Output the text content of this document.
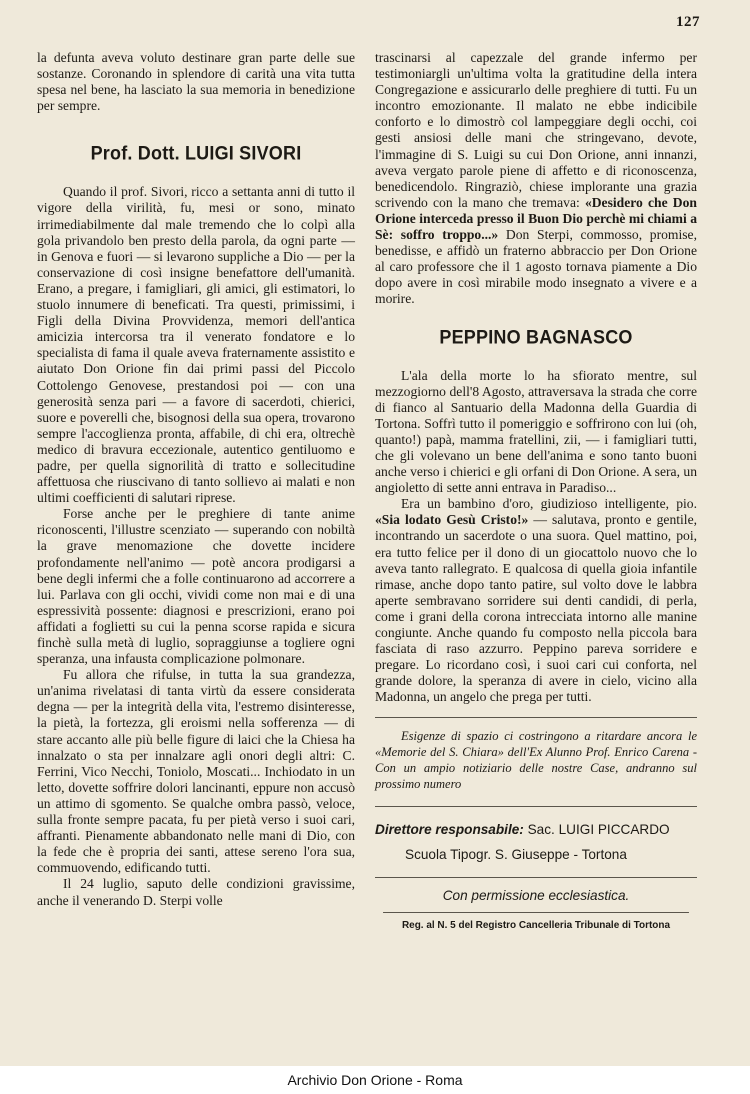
127

la defunta aveva voluto destinare gran parte delle sue sostanze. Coronando in splendore di carità una vita tutta spesa nel bene, ha lasciato la sua memoria in benedizione per sempre.

Prof. Dott. LUIGI SIVORI

Quando il prof. Sivori, ricco a settanta anni di tutto il vigore della virilità, fu, mesi or sono, minato irrimediabilmente dal male tremendo che lo colpì alla gola privandolo ben presto della parola, da ogni parte — in Genova e fuori — si levarono suppliche a Dio — per la conservazione di così insigne benefattore dell'umanità. Erano, a pregare, i famigliari, gli amici, gli estimatori, lo stuolo innumere di beneficati. Tra questi, primissimi, i Figli della Divina Provvidenza, memori dell'antica amicizia intercorsa tra il venerato fondatore e lo specialista di fama il quale aveva fraternamente assistito e aiutato Don Orione fin dai primi passi del Piccolo Cottolengo Genovese, prestandosi poi — con una generosità senza pari — a favore di sacerdoti, chierici, suore e poverelli che, bisognosi della sua opera, trovarono sempre l'accoglienza pronta, affabile, di chi era, oltrechè medico di bravura eccezionale, autentico gentiluomo e padre, per quella signorilità di tratto e sollecitudine affettuosa che riuscivano di tanto sollievo ai malati e non ultimi coefficienti di salutari riprese.

Forse anche per le preghiere di tante anime riconoscenti, l'illustre scenziato — superando con nobiltà la grave menomazione che dovette incidere profondamente nell'animo — potè ancora prodigarsi a bene degli infermi che a folle continuarono ad accorrere a lui. Parlava con gli occhi, vividi come non mai e di una espressività possente: diagnosi e prescrizioni, erano poi affidati a foglietti su cui la penna scorse rapida e sicura finchè sulla metà di luglio, sopraggiunse a togliere ogni speranza, una infausta complicazione polmonare.

Fu allora che rifulse, in tutta la sua grandezza, un'anima rivelatasi di tanta virtù da essere considerata degna — per la integrità della vita, l'estremo disinteresse, la pietà, la fortezza, gli eroismi nella sofferenza — di stare accanto alle più belle figure di laici che la Chiesa ha innalzato o sta per innalzare agli onori degli altri: C. Ferrini, Vico Necchi, Toniolo, Moscati... Inchiodato in un letto, dovette soffrire dolori lancinanti, eppure non accusò un attimo di sgomento. Se qualche ombra passò, veloce, sulla fronte sempre pacata, fu per pietà verso i suoi cari, affranti. Pienamente abbandonato nelle mani di Dio, con la fede che è propria dei santi, attese sereno l'ora sua, commuovendo, edificando tutti.

Il 24 luglio, saputo delle condizioni gravissime, anche il venerando D. Sterpi volle

trascinarsi al capezzale del grande infermo per testimoniargli un'ultima volta la gratitudine della intera Congregazione e assicurarlo delle preghiere di tutti. Fu un incontro emozionante. Il malato ne ebbe indicibile conforto e lo dimostrò col lampeggiare degli occhi, coi gesti ansiosi delle mani che stringevano, devote, l'immagine di S. Luigi su cui Don Orione, anni innanzi, aveva vergato parole piene di affetto e di riconoscenza, benedicendolo. Ringraziò, chiese implorante una grazia scrivendo con la mano che tremava: «Desidero che Don Orione interceda presso il Buon Dio perchè mi chiami a Sè: soffro troppo...» Don Sterpi, commosso, promise, benedisse, e affidò un fraterno abbraccio per Don Orione al caro professore che il 1 agosto tornava piamente a Dio dopo avere in così mirabile modo insegnato a vivere e a morire.

PEPPINO BAGNASCO

L'ala della morte lo ha sfiorato mentre, sul mezzogiorno dell'8 Agosto, attraversava la strada che corre di fianco al Santuario della Madonna della Guardia di Tortona. Soffrì tutto il pomeriggio e soffrirono con lui (oh, quanto!) papà, mamma fratellini, zii, — i famigliari tutti, che gli volevano un bene dell'anima e sono tanto buoni anche verso i chierici e gli orfani di Don Orione. A sera, un angioletto di sette anni entrava in Paradiso...

Era un bambino d'oro, giudizioso intelligente, pio. «Sia lodato Gesù Cristo!» — salutava, pronto e gentile, incontrando un sacerdote o una suora. Quel mattino, poi, era tutto felice per il dono di un giocattolo nuovo che lo aveva tanto rallegrato. E qualcosa di quella gioia infantile rimase, anche dopo tanto patire, sul volto dove le labbra aperte sembravano sorridere sui denti candidi, di perla, come i grani della corona intrecciata intorno alle manine congiunte. Anche quando fu composto nella piccola bara fasciata di raso azzurro. Peppino pareva sorridere e pregare. Lo ricordano così, i suoi cari cui conforta, nel grande dolore, la speranza di avere in cielo, vicino alla Madonna, un angelo che prega per tutti.

Esigenze di spazio ci costringono a ritardare ancora le «Memorie del S. Chiara» dell'Ex Alunno Prof. Enrico Carena - Con un ampio notiziario delle nostre Case, andranno sul prossimo numero

Direttore responsabile: Sac. LUIGI PICCARDO
Scuola Tipogr. S. Giuseppe - Tortona
Con permissione ecclesiastica.
Reg. al N. 5 del Registro Cancelleria Tribunale di Tortona
Archivio Don Orione - Roma
